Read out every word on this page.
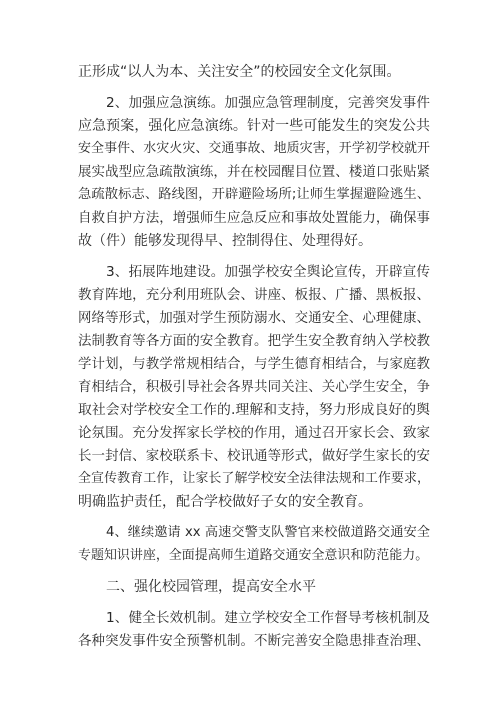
正形成“以人为本、关注安全”的校园安全文化氛围。
2、加强应急演练。加强应急管理制度，完善突发事件
应急预案，强化应急演练。针对一些可能发生的突发公共
安全事件、水灾火灾、交通事故、地质灾害，开学初学校就开
展实战型应急疏散演练，并在校园醒目位置、楼道口张贴紧
急疏散标志、路线图，开辟避险场所;让师生掌握避险逃生、
自救自护方法，增强师生应急反应和事故处置能力，确保事
故（件）能够发现得早、控制得住、处理得好。
3、拓展阵地建设。加强学校安全舆论宣传，开辟宣传
教育阵地，充分利用班队会、讲座、板报、广播、黑板报、
网络等形式，加强对学生预防溺水、交通安全、心理健康、
法制教育等各方面的安全教育。把学生安全教育纳入学校教
学计划，与教学常规相结合，与学生德育相结合，与家庭教
育相结合，积极引导社会各界共同关注、关心学生安全，争
取社会对学校安全工作的.理解和支持，努力形成良好的舆
论氛围。充分发挥家长学校的作用，通过召开家长会、致家
长一封信、家校联系卡、校讯通等形式，做好学生家长的安
全宣传教育工作，让家长了解学校安全法律法规和工作要求，
明确监护责任，配合学校做好子女的安全教育。
4、继续邀请 xx 高速交警支队警官来校做道路交通安全
专题知识讲座，全面提高师生道路交通安全意识和防范能力。
二、强化校园管理，提高安全水平
1、健全长效机制。建立学校安全工作督导考核机制及
各种突发事件安全预警机制。不断完善安全隐患排查治理、
